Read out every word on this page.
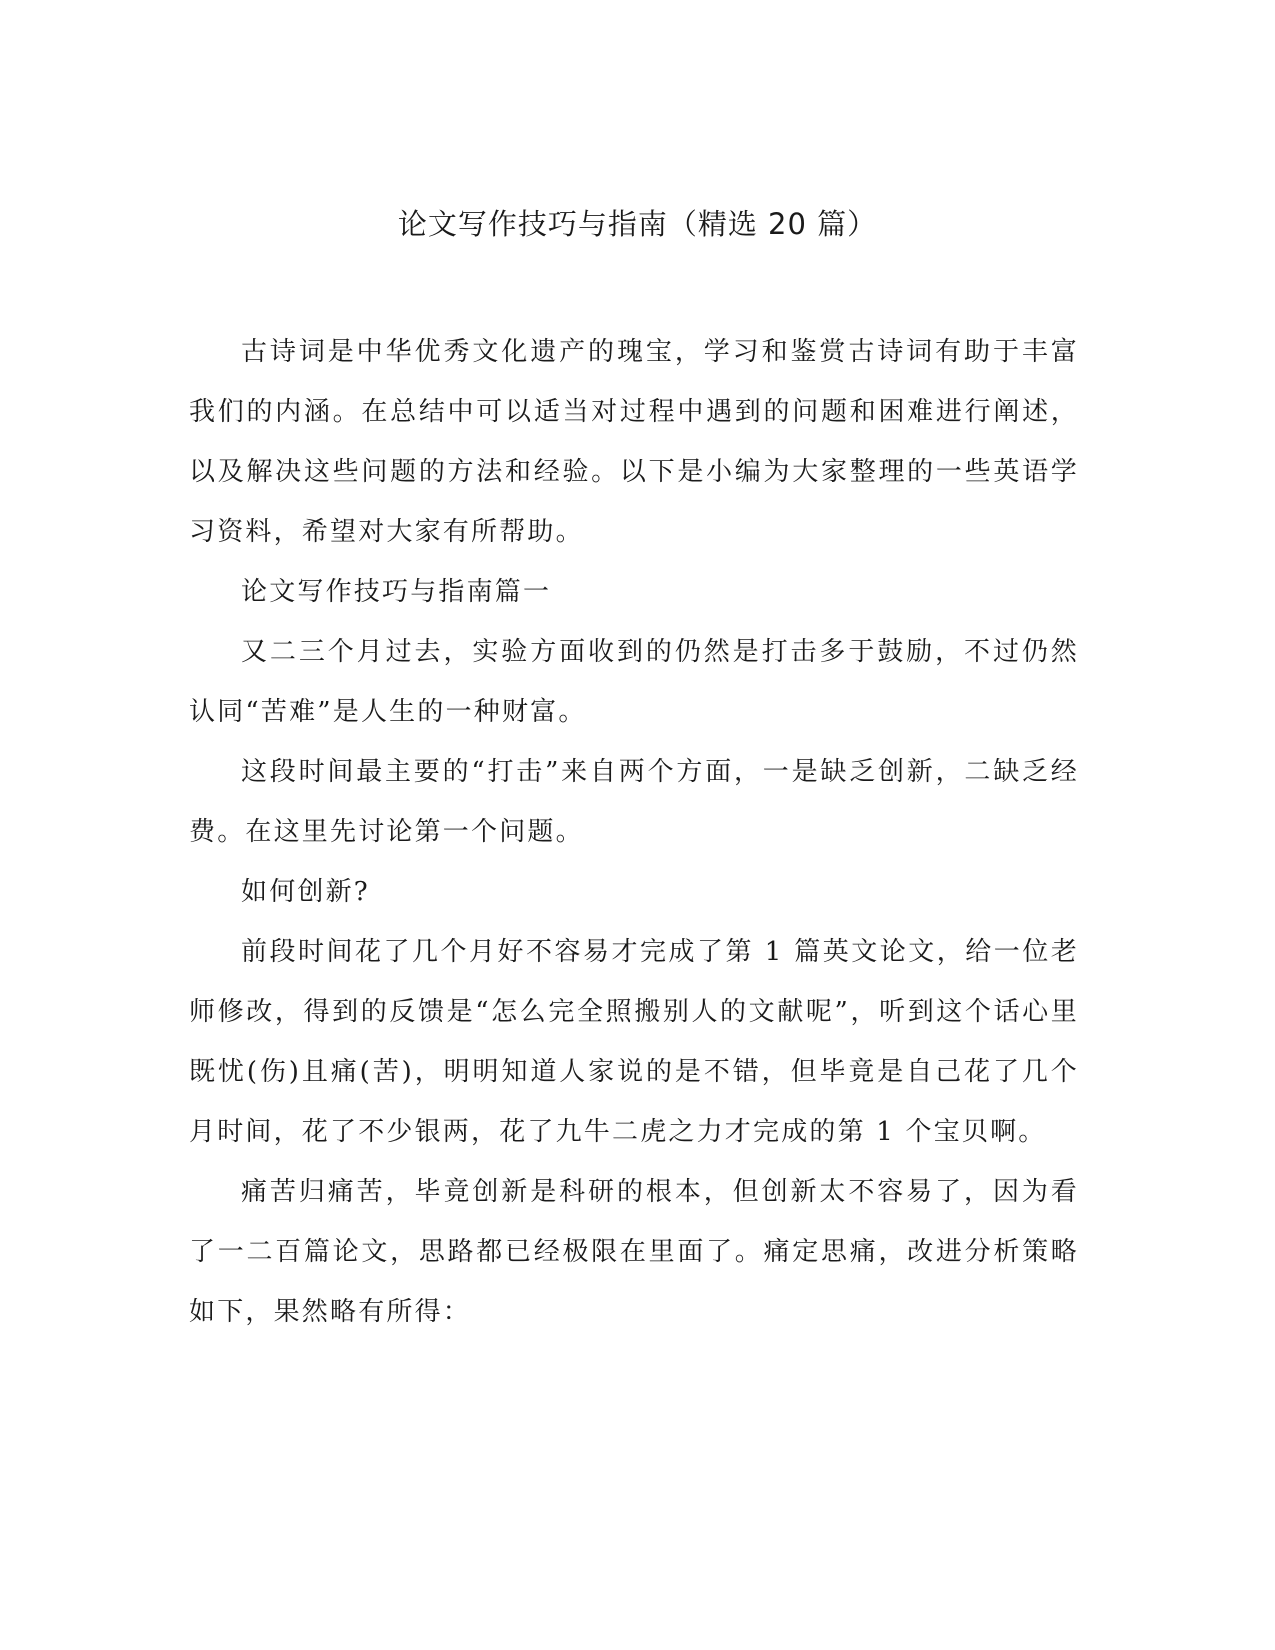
论文写作技巧与指南（精选 20 篇）

古诗词是中华优秀文化遗产的瑰宝，学习和鉴赏古诗词有助于丰富我们的内涵。在总结中可以适当对过程中遇到的问题和困难进行阐述，以及解决这些问题的方法和经验。以下是小编为大家整理的一些英语学习资料，希望对大家有所帮助。

论文写作技巧与指南篇一

又二三个月过去，实验方面收到的仍然是打击多于鼓励，不过仍然认同“苦难”是人生的一种财富。

这段时间最主要的“打击”来自两个方面，一是缺乏创新，二缺乏经费。在这里先讨论第一个问题。

如何创新?

前段时间花了几个月好不容易才完成了第 1 篇英文论文，给一位老师修改，得到的反馈是“怎么完全照搬别人的文献呢”，听到这个话心里既忧(伤)且痛(苦)，明明知道人家说的是不错，但毕竟是自己花了几个月时间，花了不少银两，花了九牛二虎之力才完成的第 1 个宝贝啊。

痛苦归痛苦，毕竟创新是科研的根本，但创新太不容易了，因为看了一二百篇论文，思路都已经极限在里面了。痛定思痛，改进分析策略如下，果然略有所得：
